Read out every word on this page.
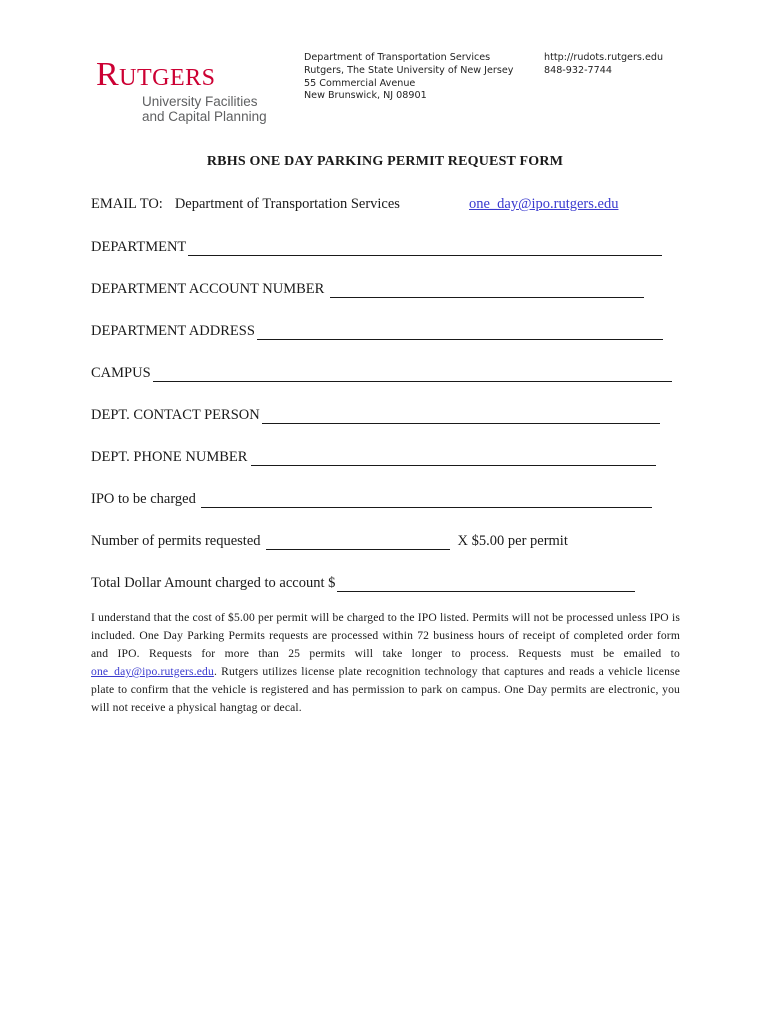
Rutgers
University Facilities
and Capital Planning
Department of Transportation Services
Rutgers, The State University of New Jersey
55 Commercial Avenue
New Brunswick, NJ 08901
http://rudots.rutgers.edu
848-932-7744
RBHS ONE DAY PARKING PERMIT REQUEST FORM
EMAIL TO: Department of Transportation Services	one_day@ipo.rutgers.edu
DEPARTMENT
DEPARTMENT ACCOUNT NUMBER
DEPARTMENT ADDRESS
CAMPUS
DEPT. CONTACT PERSON
DEPT. PHONE NUMBER
IPO to be charged
Number of permits requested	X $5.00 per permit
Total Dollar Amount charged to account $
I understand that the cost of $5.00 per permit will be charged to the IPO listed. Permits will not be processed unless IPO is included. One Day Parking Permits requests are processed within 72 business hours of receipt of completed order form and IPO. Requests for more than 25 permits will take longer to process. Requests must be emailed to one_day@ipo.rutgers.edu. Rutgers utilizes license plate recognition technology that captures and reads a vehicle license plate to confirm that the vehicle is registered and has permission to park on campus. One Day permits are electronic, you will not receive a physical hangtag or decal.
